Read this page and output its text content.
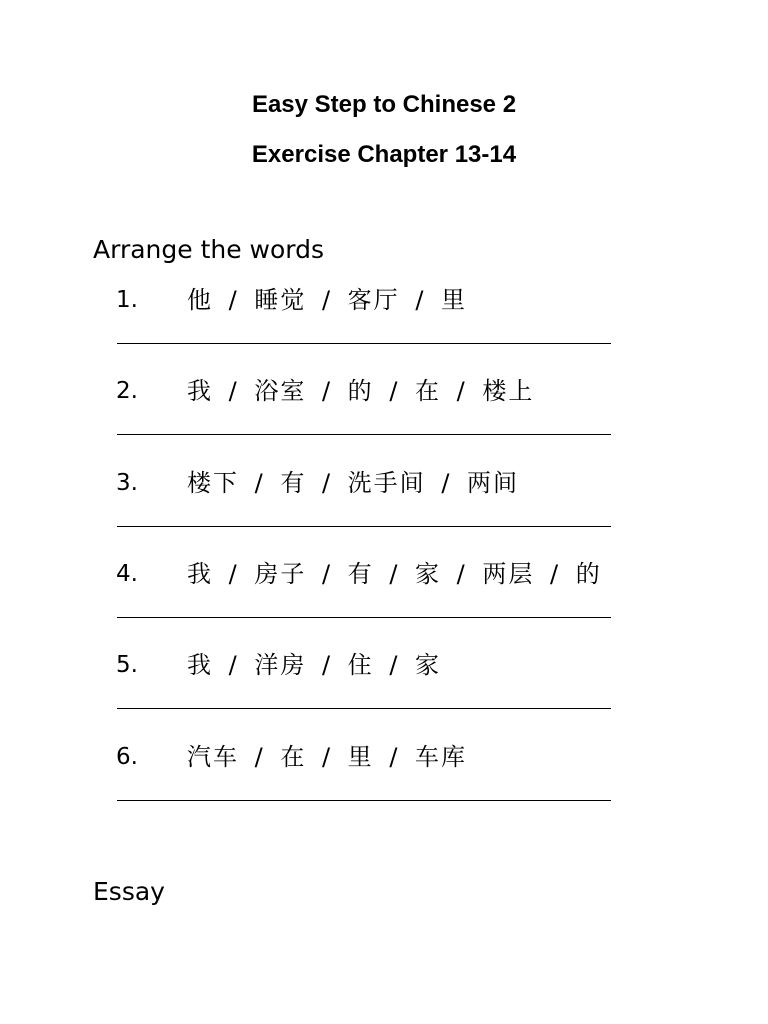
Easy Step to Chinese 2
Exercise Chapter 13-14
Arrange the words
1. 他 / 睡觉 / 客厅 / 里
2. 我 / 浴室 / 的 / 在 / 楼上
3. 楼下 / 有 / 洗手间 / 两间
4. 我 / 房子 / 有 / 家 / 两层 / 的
5. 我 / 洋房 / 住 / 家
6. 汽车 / 在 / 里 / 车库
Essay
